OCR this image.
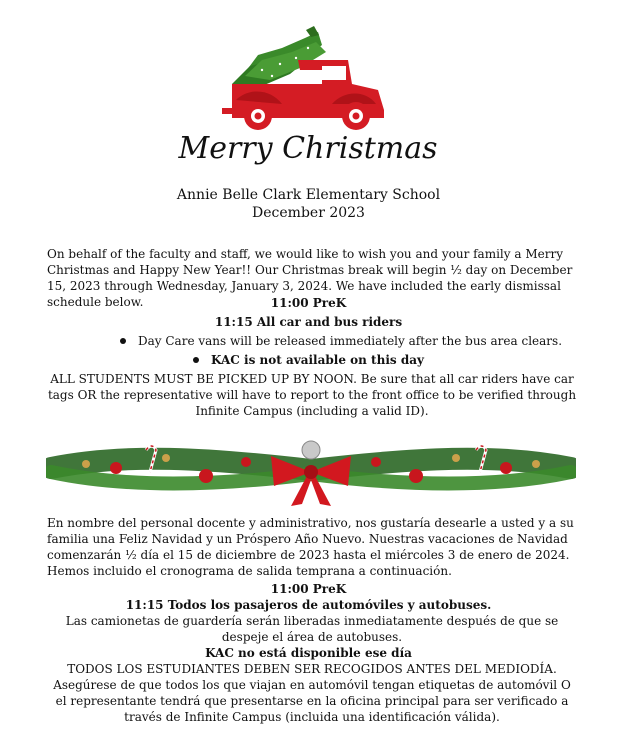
Merry Christmas
Annie Belle Clark Elementary School
December 2023
On behalf of the faculty and staff, we would like to wish you and your family a Merry Christmas and Happy New Year!! Our Christmas break will begin ½ day on December 15, 2023 through Wednesday, January 3, 2024. We have included the early dismissal schedule below.	11:00 PreK
11:15 All car and bus riders
Day Care vans will be released immediately after the bus area clears.
KAC is not available on this day
ALL STUDENTS MUST BE PICKED UP BY NOON. Be sure that all car riders have car tags OR the representative will have to report to the front office to be verified through Infinite Campus (including a valid ID).
En nombre del personal docente y administrativo, nos gustaría desearle a usted y a su familia una Feliz Navidad y un Próspero Año Nuevo. Nuestras vacaciones de Navidad comenzarán ½ día el 15 de diciembre de 2023 hasta el miércoles 3 de enero de 2024. Hemos incluido el cronograma de salida temprana a continuación.
11:00 PreK
11:15 Todos los pasajeros de automóviles y autobuses.
Las camionetas de guardería serán liberadas inmediatamente después de que se despeje el área de autobuses.
KAC no está disponible ese día
TODOS LOS ESTUDIANTES DEBEN SER RECOGIDOS ANTES DEL MEDIODÍA. Asegúrese de que todos los que viajan en automóvil tengan etiquetas de automóvil O el representante tendrá que presentarse en la oficina principal para ser verificado a través de Infinite Campus (incluida una identificación válida).
